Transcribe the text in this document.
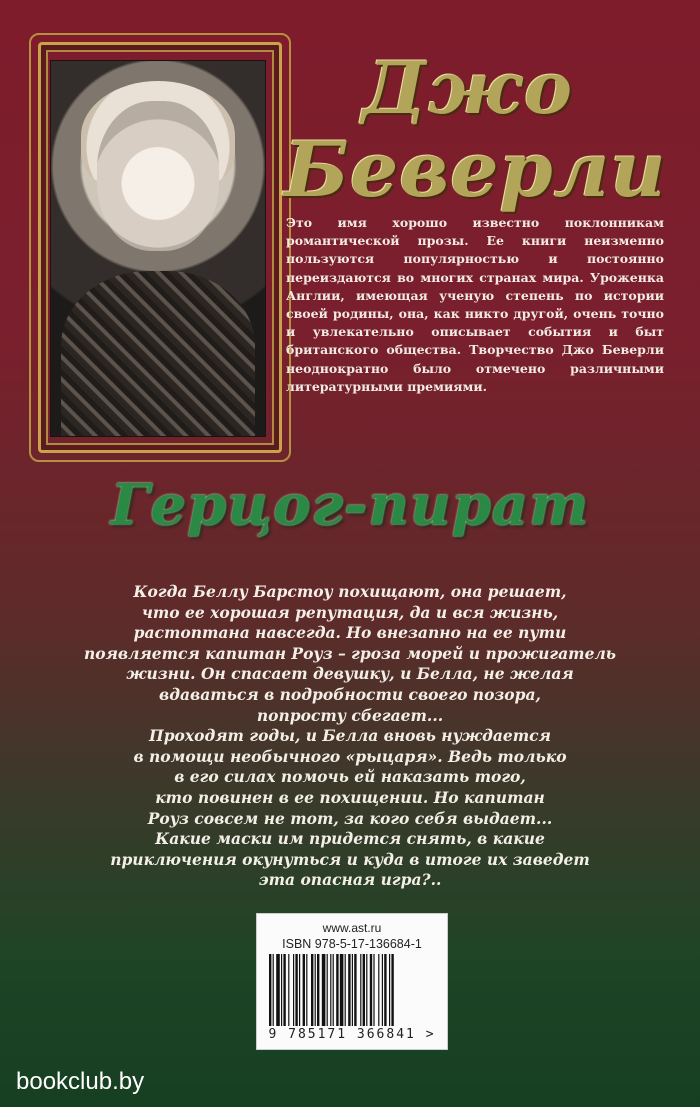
Джо
Беверли
Это имя хорошо известно поклонникам романтической прозы. Ее книги неизменно пользуются популярностью и постоянно переиздаются во многих странах мира. Уроженка Англии, имеющая ученую степень по истории своей родины, она, как никто другой, очень точно и увлекательно описывает события и быт британского общества. Творчество Джо Беверли неоднократно было отмечено различными литературными премиями.
Герцог-пират
Когда Беллу Барстоу похищают, она решает,
что ее хорошая репутация, да и вся жизнь,
растоптана навсегда. Но внезапно на ее пути
появляется капитан Роуз – гроза морей и прожигатель
жизни. Он спасает девушку, и Белла, не желая
вдаваться в подробности своего позора,
попросту сбегает...
Проходят годы, и Белла вновь нуждается
в помощи необычного «рыцаря». Ведь только
в его силах помочь ей наказать того,
кто повинен в ее похищении. Но капитан
Роуз совсем не тот, за кого себя выдает...
Какие маски им придется снять, в какие
приключения окунуться и куда в итоге их заведет
эта опасная игра?..
www.ast.ru
ISBN 978-5-17-136684-1
9 785171 366841 >
bookclub.by
